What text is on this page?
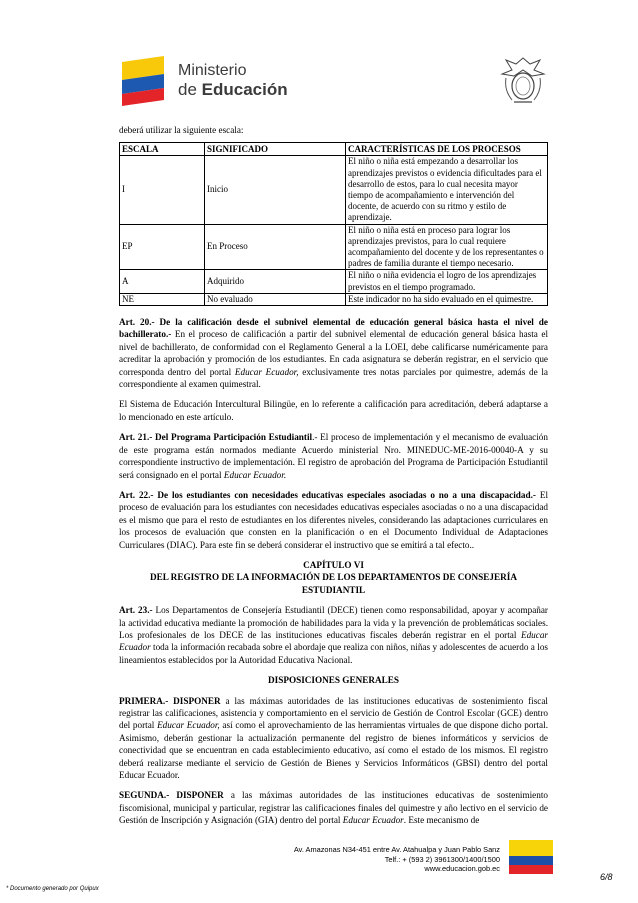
Ministerio
de Educación
deberá utilizar la siguiente escala:
ESCALA	SIGNIFICADO	CARACTERÍSTICAS DE LOS PROCESOS
I	Inicio	El niño o niña está empezando a desarrollar los aprendizajes previstos o evidencia dificultades para el desarrollo de estos, para lo cual necesita mayor tiempo de acompañamiento e intervención del docente, de acuerdo con su ritmo y estilo de aprendizaje.
EP	En Proceso	El niño o niña está en proceso para lograr los aprendizajes previstos, para lo cual requiere acompañamiento del docente y de los representantes o padres de familia durante el tiempo necesario.
A	Adquirido	El niño o niña evidencia el logro de los aprendizajes previstos en el tiempo programado.
NE	No evaluado	Este indicador no ha sido evaluado en el quimestre.

Art. 20.- De la calificación desde el subnivel elemental de educación general básica hasta el nivel de bachillerato.- En el proceso de calificación a partir del subnivel elemental de educación general básica hasta el nivel de bachillerato, de conformidad con el Reglamento General a la LOEI, debe calificarse numéricamente para acreditar la aprobación y promoción de los estudiantes. En cada asignatura se deberán registrar, en el servicio que corresponda dentro del portal Educar Ecuador, exclusivamente tres notas parciales por quimestre, además de la correspondiente al examen quimestral.

El Sistema de Educación Intercultural Bilingüe, en lo referente a calificación para acreditación, deberá adaptarse a lo mencionado en este artículo.

Art. 21.- Del Programa Participación Estudiantil.- El proceso de implementación y el mecanismo de evaluación de este programa están normados mediante Acuerdo ministerial Nro. MINEDUC-ME-2016-00040-A y su correspondiente instructivo de implementación. El registro de aprobación del Programa de Participación Estudiantil será consignado en el portal Educar Ecuador.

Art. 22.- De los estudiantes con necesidades educativas especiales asociadas o no a una discapacidad.- El proceso de evaluación para los estudiantes con necesidades educativas especiales asociadas o no a una discapacidad es el mismo que para el resto de estudiantes en los diferentes niveles, considerando las adaptaciones curriculares en los procesos de evaluación que consten en la planificación o en el Documento Individual de Adaptaciones Curriculares (DIAC). Para este fin se deberá considerar el instructivo que se emitirá a tal efecto..

CAPÍTULO VI
DEL REGISTRO DE LA INFORMACIÓN DE LOS DEPARTAMENTOS DE CONSEJERÍA
ESTUDIANTIL

Art. 23.- Los Departamentos de Consejería Estudiantil (DECE) tienen como responsabilidad, apoyar y acompañar la actividad educativa mediante la promoción de habilidades para la vida y la prevención de problemáticas sociales. Los profesionales de los DECE de las instituciones educativas fiscales deberán registrar en el portal Educar Ecuador toda la información recabada sobre el abordaje que realiza con niños, niñas y adolescentes de acuerdo a los lineamientos establecidos por la Autoridad Educativa Nacional.

DISPOSICIONES GENERALES

PRIMERA.- DISPONER a las máximas autoridades de las instituciones educativas de sostenimiento fiscal registrar las calificaciones, asistencia y comportamiento en el servicio de Gestión de Control Escolar (GCE) dentro del portal Educar Ecuador, así como el aprovechamiento de las herramientas virtuales de que dispone dicho portal. Asimismo, deberán gestionar la actualización permanente del registro de bienes informáticos y servicios de conectividad que se encuentran en cada establecimiento educativo, así como el estado de los mismos. El registro deberá realizarse mediante el servicio de Gestión de Bienes y Servicios Informáticos (GBSI) dentro del portal Educar Ecuador.

SEGUNDA.- DISPONER a las máximas autoridades de las instituciones educativas de sostenimiento fiscomisional, municipal y particular, registrar las calificaciones finales del quimestre y año lectivo en el servicio de Gestión de Inscripción y Asignación (GIA) dentro del portal Educar Ecuador. Este mecanismo de

Av. Amazonas N34-451 entre Av. Atahualpa y Juan Pablo Sanz
Telf.: + (593 2) 3961300/1400/1500
www.educacion.gob.ec
6/8
* Documento generado por Quipux
